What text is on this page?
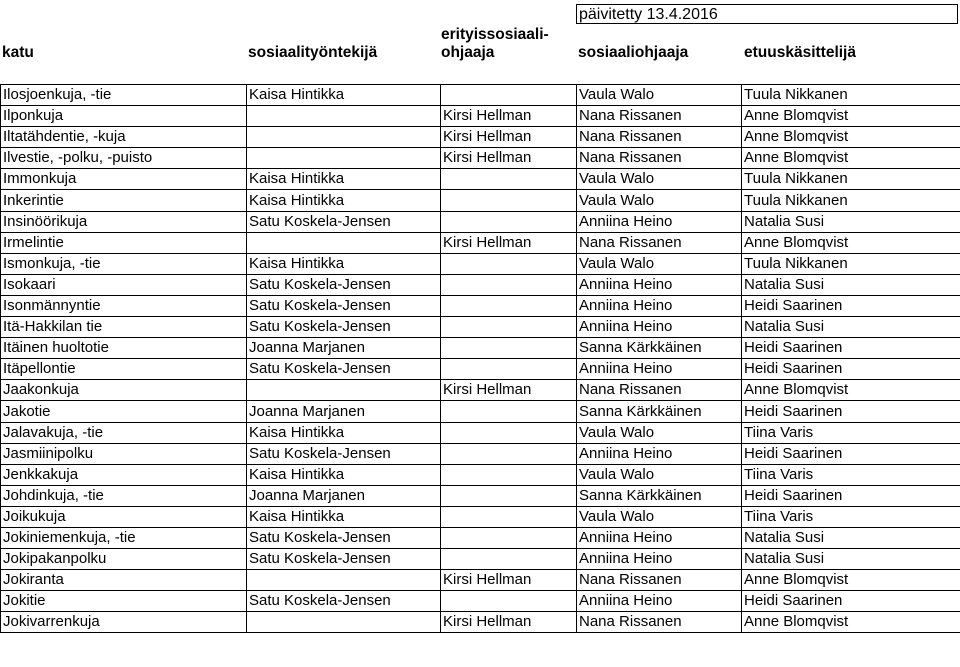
päivitetty 13.4.2016
katu	sosiaalityöntekijä
erityissosiaali-
ohjaaja	sosiaaliohjaaja	etuuskäsittelijä
Ilosjoenkuja, -tie	Kaisa Hintikka		Vaula Walo	Tuula Nikkanen
Ilponkuja		Kirsi Hellman	Nana Rissanen	Anne Blomqvist
Iltatähdentie, -kuja		Kirsi Hellman	Nana Rissanen	Anne Blomqvist
Ilvestie, -polku, -puisto		Kirsi Hellman	Nana Rissanen	Anne Blomqvist
Immonkuja	Kaisa Hintikka		Vaula Walo	Tuula Nikkanen
Inkerintie	Kaisa Hintikka		Vaula Walo	Tuula Nikkanen
Insinöörikuja	Satu Koskela-Jensen		Anniina Heino	Natalia Susi
Irmelintie		Kirsi Hellman	Nana Rissanen	Anne Blomqvist
Ismonkuja, -tie	Kaisa Hintikka		Vaula Walo	Tuula Nikkanen
Isokaari	Satu Koskela-Jensen		Anniina Heino	Natalia Susi
Isonmännyntie	Satu Koskela-Jensen		Anniina Heino	Heidi Saarinen
Itä-Hakkilan tie	Satu Koskela-Jensen		Anniina Heino	Natalia Susi
Itäinen huoltotie	Joanna Marjanen		Sanna Kärkkäinen	Heidi Saarinen
Itäpellontie	Satu Koskela-Jensen		Anniina Heino	Heidi Saarinen
Jaakonkuja		Kirsi Hellman	Nana Rissanen	Anne Blomqvist
Jakotie	Joanna Marjanen		Sanna Kärkkäinen	Heidi Saarinen
Jalavakuja, -tie	Kaisa Hintikka		Vaula Walo	Tiina Varis
Jasmiinipolku	Satu Koskela-Jensen		Anniina Heino	Heidi Saarinen
Jenkkakuja	Kaisa Hintikka		Vaula Walo	Tiina Varis
Johdinkuja, -tie	Joanna Marjanen		Sanna Kärkkäinen	Heidi Saarinen
Joikukuja	Kaisa Hintikka		Vaula Walo	Tiina Varis
Jokiniemenkuja, -tie	Satu Koskela-Jensen		Anniina Heino	Natalia Susi
Jokipakanpolku	Satu Koskela-Jensen		Anniina Heino	Natalia Susi
Jokiranta		Kirsi Hellman	Nana Rissanen	Anne Blomqvist
Jokitie	Satu Koskela-Jensen		Anniina Heino	Heidi Saarinen
Jokivarrenkuja		Kirsi Hellman	Nana Rissanen	Anne Blomqvist
